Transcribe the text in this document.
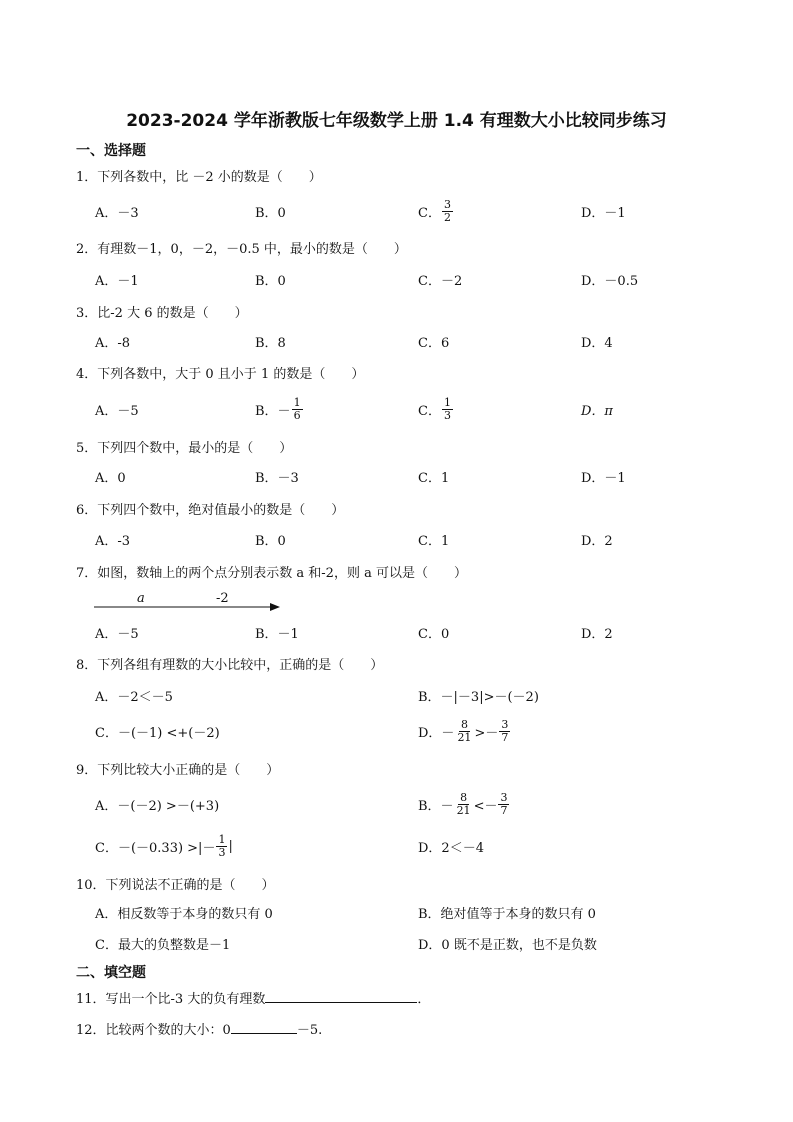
2023-2024 学年浙教版七年级数学上册 1.4 有理数大小比较同步练习
一、选择题
1．下列各数中，比 －2 小的数是（　　）
A．－3	B．0	C． $\frac{3}{2}$	D．－1
2．有理数－1，0，－2，－0.5 中，最小的数是（　　）
A．－1	B．0	C．－2	D．－0.5
3．比-2 大 6 的数是（　　）
A．-8	B．8	C．6	D．4
4．下列各数中，大于 0 且小于 1 的数是（　　）
A．－5	B．－ $\frac{1}{6}$	C． $\frac{1}{3}$	D．π
5．下列四个数中，最小的是（　　）
A．0	B．－3	C．1	D．－1
6．下列四个数中，绝对值最小的数是（　　）
A．-3	B．0	C．1	D．2
7．如图，数轴上的两个点分别表示数 a 和-2，则 a 可以是（　　）
a	-2
A．－5	B．－1	C．0	D．2
8．下列各组有理数的大小比较中，正确的是（　　）
A．－2＜－5	B．－|－3|>－(－2)
C．－(－1) <+(－2)	D．－ $\frac{8}{21} >- \frac{3}{7}$
9．下列比较大小正确的是（　　）
A．－(－2) >－(+3)	B．－ $\frac{8}{21} <- \frac{3}{7}$
C．－(－0.33) >|－ $\frac{1}{3}$ |	D．2＜－4
10．下列说法不正确的是（　　）
A．相反数等于本身的数只有 0	B．绝对值等于本身的数只有 0
C．最大的负整数是－1	D．0 既不是正数，也不是负数
二、填空题
11．写出一个比-3 大的负有理数	．
12．比较两个数的大小：0	－5.
